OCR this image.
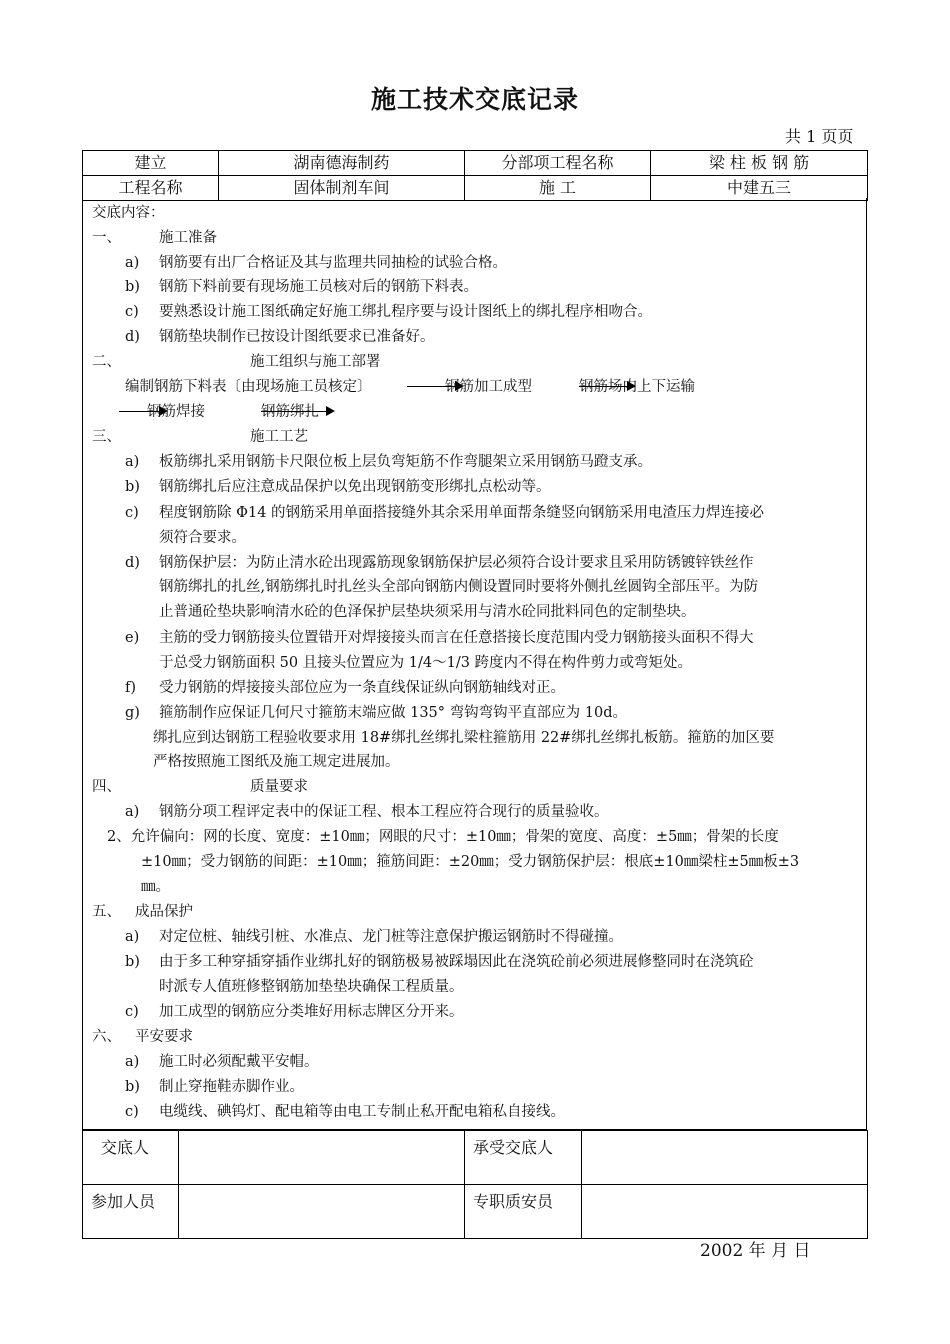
施工技术交底记录
共 1 页页
建立	湖南德海制药	分部项工程名称	梁 柱 板 钢 筋
工程名称	固体制剂车间	施 工	中建五三
交底内容：
一、	施工准备
a) 钢筋要有出厂合格证及其与监理共同抽检的试验合格。
b) 钢筋下料前要有现场施工员核对后的钢筋下料表。
c) 要熟悉设计施工图纸确定好施工绑扎程序要与设计图纸上的绑扎程序相吻合。
d) 钢筋垫块制作已按设计图纸要求已准备好。
二、	施工组织与施工部署
编制钢筋下料表〔由现场施工员核定〕	钢筋加工成型	钢筋场内上下运输
钢筋焊接	钢筋绑扎
三、	施工工艺
a) 板筋绑扎采用钢筋卡尺限位板上层负弯矩筋不作弯腿架立采用钢筋马蹬支承。
b) 钢筋绑扎后应注意成品保护以免出现钢筋变形绑扎点松动等。
c) 程度钢筋除 Φ14 的钢筋采用单面搭接缝外其余采用单面帮条缝竖向钢筋采用电渣压力焊连接必
须符合要求。
d) 钢筋保护层：为防止清水砼出现露筋现象钢筋保护层必须符合设计要求且采用防锈镀锌铁丝作
钢筋绑扎的扎丝,钢筋绑扎时扎丝头全部向钢筋内侧设置同时要将外侧扎丝圆钩全部压平。为防
止普通砼垫块影响清水砼的色泽保护层垫块须采用与清水砼同批料同色的定制垫块。
e) 主筋的受力钢筋接头位置错开对焊接接头而言在任意搭接长度范围内受力钢筋接头面积不得大
于总受力钢筋面积 50 且接头位置应为 1/4～1/3 跨度内不得在构件剪力或弯矩处。
f) 受力钢筋的焊接接头部位应为一条直线保证纵向钢筋轴线对正。
g) 箍筋制作应保证几何尺寸箍筋末端应做 135° 弯钩弯钩平直部应为 10d。
绑扎应到达钢筋工程验收要求用 18#绑扎丝绑扎梁柱箍筋用 22#绑扎丝绑扎板筋。箍筋的加区要
严格按照施工图纸及施工规定进展加。
四、	质量要求
a) 钢筋分项工程评定表中的保证工程、根本工程应符合现行的质量验收。
2、允许偏向：网的长度、宽度：±10㎜；网眼的尺寸：±10㎜；骨架的宽度、高度：±5㎜；骨架的长度
±10㎜；受力钢筋的间距：±10㎜；箍筋间距：±20㎜；受力钢筋保护层：根底±10㎜梁柱±5㎜板±3
㎜。
五、 成品保护
a) 对定位桩、轴线引桩、水准点、龙门桩等注意保护搬运钢筋时不得碰撞。
b) 由于多工种穿插穿插作业绑扎好的钢筋极易被踩塌因此在浇筑砼前必须进展修整同时在浇筑砼
时派专人值班修整钢筋加垫垫块确保工程质量。
c) 加工成型的钢筋应分类堆好用标志牌区分开来。
六、 平安要求
a) 施工时必须配戴平安帽。
b) 制止穿拖鞋赤脚作业。
c) 电缆线、碘钨灯、配电箱等由电工专制止私开配电箱私自接线。
交底人		承受交底人	
参加人员		专职质安员	
2002 年 月 日
